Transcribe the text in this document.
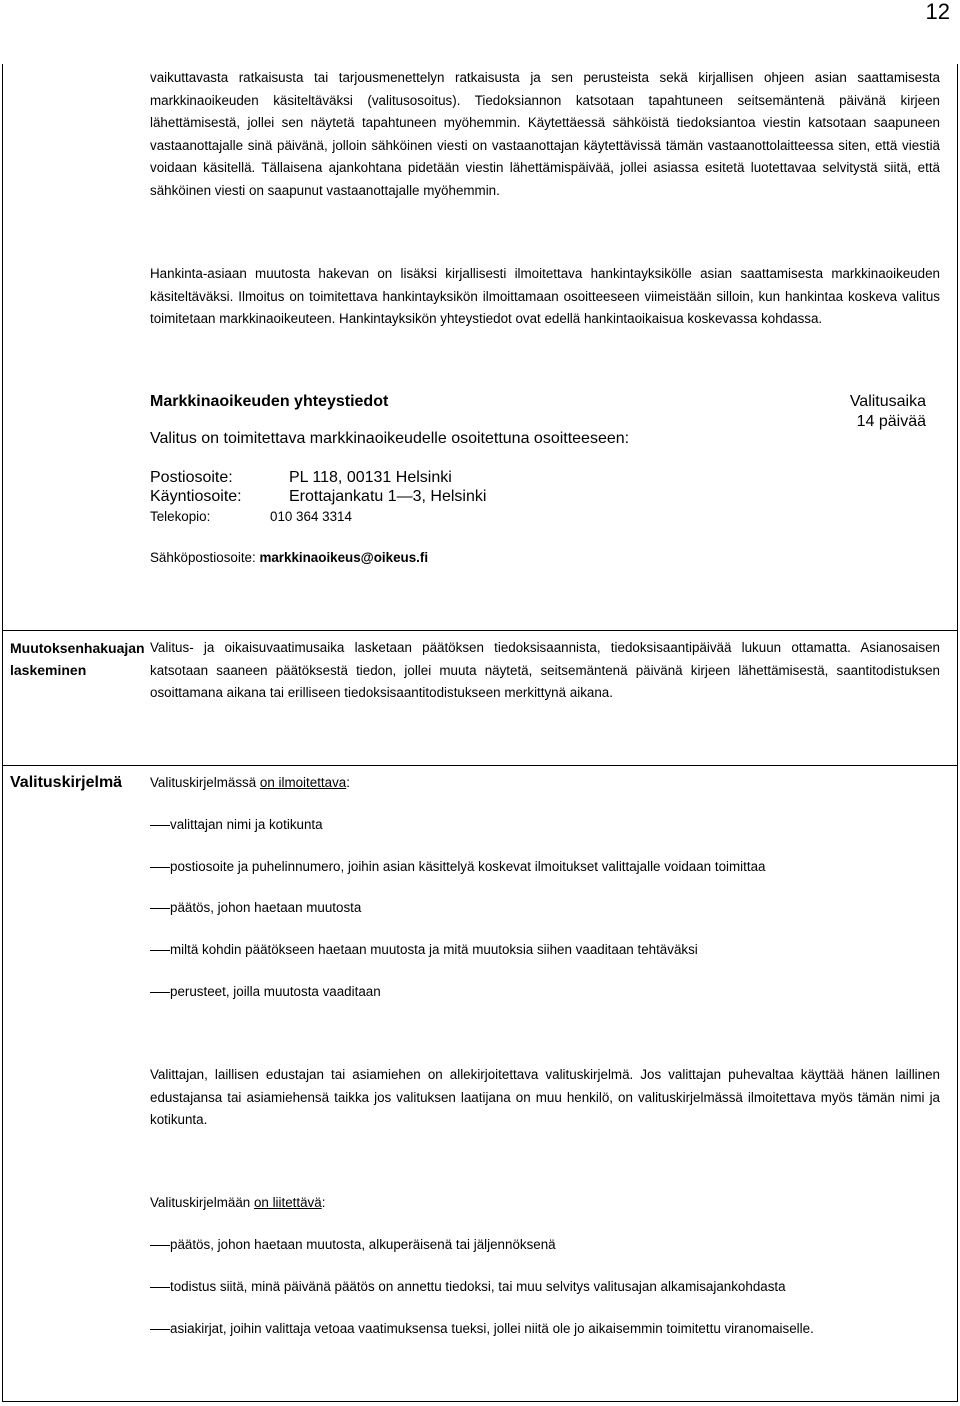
12
vaikuttavasta ratkaisusta tai tarjousmenettelyn ratkaisusta ja sen perusteista sekä kirjallisen ohjeen asian saattamisesta markkinaoikeuden käsiteltäväksi (valitusosoitus). Tiedoksiannon katsotaan tapahtuneen seitsemäntenä päivänä kirjeen lähettämisestä, jollei sen näytetä tapahtuneen myöhemmin. Käytettäessä sähköistä tiedoksiantoa viestin katsotaan saapuneen vastaanottajalle sinä päivänä, jolloin sähköinen viesti on vastaanottajan käytettävissä tämän vastaanottolaitteessa siten, että viestiä voidaan käsitellä. Tällaisena ajankohtana pidetään viestin lähettämispäivää, jollei asiassa esitetä luotettavaa selvitystä siitä, että sähköinen viesti on saapunut vastaanottajalle myöhemmin.
Hankinta-asiaan muutosta hakevan on lisäksi kirjallisesti ilmoitettava hankintayksikölle asian saattamisesta markkinaoikeuden käsiteltäväksi. Ilmoitus on toimitettava hankintayksikön ilmoittamaan osoitteeseen viimeistään silloin, kun hankintaa koskeva valitus toimitetaan markkinaoikeuteen. Hankintayksikön yhteystiedot ovat edellä hankintaoikaisua koskevassa kohdassa.
Markkinaoikeuden yhteystiedot
Valitus on toimitettava markkinaoikeudelle osoitettuna osoitteeseen:
Valitusaika
14 päivää
Postiosoite:	PL 118, 00131 Helsinki
Käyntiosoite:	Erottajankatu 1—3, Helsinki
Telekopio:	010 364 3314
Sähköpostiosoite: markkinaoikeus@oikeus.fi
Muutoksenhakuajan laskeminen
Valitus- ja oikaisuvaatimusaika lasketaan päätöksen tiedoksisaannista, tiedoksisaantipäivää lukuun ottamatta. Asianosaisen katsotaan saaneen päätöksestä tiedon, jollei muuta näytetä, seitsemäntenä päivänä kirjeen lähettämisestä, saantitodistuksen osoittamana aikana tai erilliseen tiedoksisaantitodistukseen merkittynä aikana.
Valituskirjelmä	Valituskirjelmässä on ilmoitettava:
valittajan nimi ja kotikunta
postiosoite ja puhelinnumero, joihin asian käsittelyä koskevat ilmoitukset valittajalle voidaan toimittaa
päätös, johon haetaan muutosta
miltä kohdin päätökseen haetaan muutosta ja mitä muutoksia siihen vaaditaan tehtäväksi
perusteet, joilla muutosta vaaditaan
Valittajan, laillisen edustajan tai asiamiehen on allekirjoitettava valituskirjelmä. Jos valittajan puhevaltaa käyttää hänen laillinen edustajansa tai asiamiehensä taikka jos valituksen laatijana on muu henkilö, on valituskirjelmässä ilmoitettava myös tämän nimi ja kotikunta.
Valituskirjelmään on liitettävä:
päätös, johon haetaan muutosta, alkuperäisenä tai jäljennöksenä
todistus siitä, minä päivänä päätös on annettu tiedoksi, tai muu selvitys valitusajan alkamisajankohdasta
asiakirjat, joihin valittaja vetoaa vaatimuksensa tueksi, jollei niitä ole jo aikaisemmin toimitettu viranomaiselle.
